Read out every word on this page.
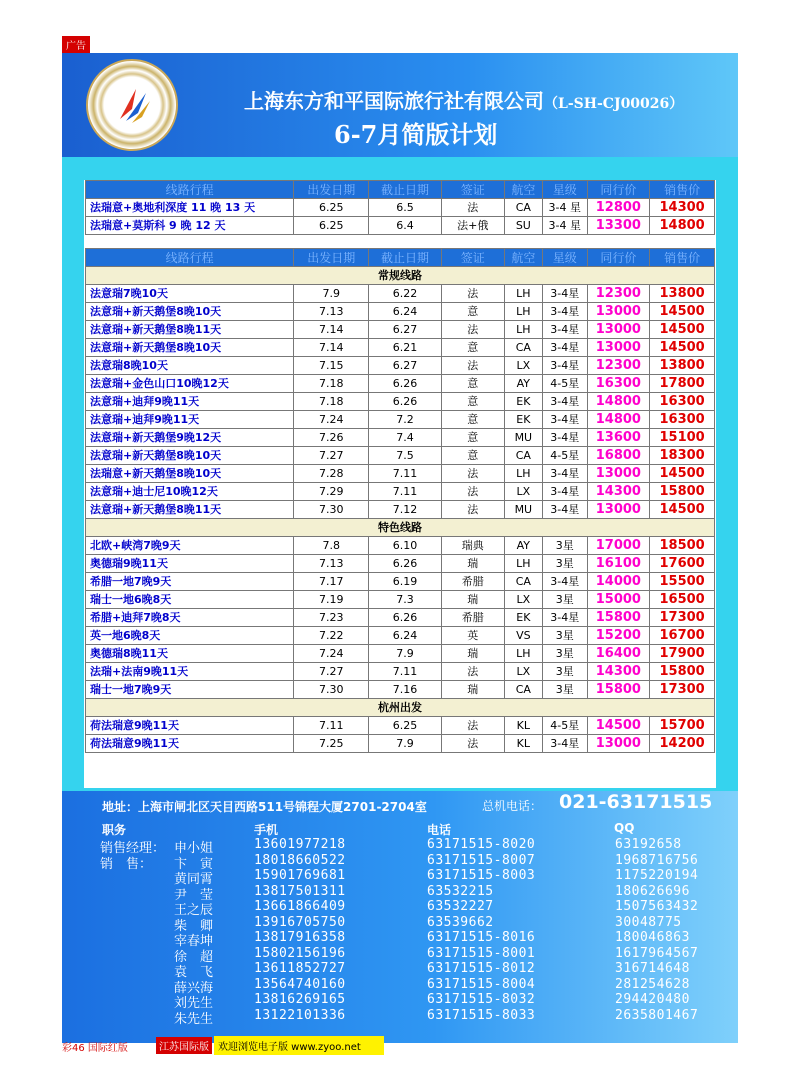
广告
上海东方和平国际旅行社有限公司（L-SH-CJ00026）
6-7月简版计划
线路行程	出发日期	截止日期	签证	航空	星级	同行价	销售价
法瑞意+奥地利深度 11 晚 13 天	6.25	6.5	法	CA	3-4 星	12800	14300
法瑞意+莫斯科 9 晚 12 天	6.25	6.4	法+俄	SU	3-4 星	13300	14800
线路行程	出发日期	截止日期	签证	航空	星级	同行价	销售价
常规线路							
法意瑞7晚10天	7.9	6.22	法	LH	3-4星	12300	13800
法意瑞+新天鹅堡8晚10天	7.13	6.24	意	LH	3-4星	13000	14500
法意瑞+新天鹅堡8晚11天	7.14	6.27	法	LH	3-4星	13000	14500
法意瑞+新天鹅堡8晚10天	7.14	6.21	意	CA	3-4星	13000	14500
法意瑞8晚10天	7.15	6.27	法	LX	3-4星	12300	13800
法意瑞+金色山口10晚12天	7.18	6.26	意	AY	4-5星	16300	17800
法意瑞+迪拜9晚11天	7.18	6.26	意	EK	3-4星	14800	16300
法意瑞+迪拜9晚11天	7.24	7.2	意	EK	3-4星	14800	16300
法意瑞+新天鹅堡9晚12天	7.26	7.4	意	MU	3-4星	13600	15100
法意瑞+新天鹅堡8晚10天	7.27	7.5	意	CA	4-5星	16800	18300
法瑞意+新天鹅堡8晚10天	7.28	7.11	法	LH	3-4星	13000	14500
法意瑞+迪士尼10晚12天	7.29	7.11	法	LX	3-4星	14300	15800
法意瑞+新天鹅堡8晚11天	7.30	7.12	法	MU	3-4星	13000	14500
特色线路							
北欧+峡湾7晚9天	7.8	6.10	瑞典	AY	3星	17000	18500
奥德瑞9晚11天	7.13	6.26	瑞	LH	3星	16100	17600
希腊一地7晚9天	7.17	6.19	希腊	CA	3-4星	14000	15500
瑞士一地6晚8天	7.19	7.3	瑞	LX	3星	15000	16500
希腊+迪拜7晚8天	7.23	6.26	希腊	EK	3-4星	15800	17300
英一地6晚8天	7.22	6.24	英	VS	3星	15200	16700
奥德瑞8晚11天	7.24	7.9	瑞	LH	3星	16400	17900
法瑞+法南9晚11天	7.27	7.11	法	LX	3星	14300	15800
瑞士一地7晚9天	7.30	7.16	瑞	CA	3星	15800	17300
杭州出发							
荷法瑞意9晚11天	7.11	6.25	法	KL	4-5星	14500	15700
荷法瑞意9晚11天	7.25	7.9	法	KL	3-4星	13000	14200
地址：上海市闸北区天目西路511号锦程大厦2701-2704室	总机电话： 021-63171515
职务	手机	电话	QQ
销售经理： 申小姐	13601977218	63171515-8020	63192658
销　售： 卞　寅	18018660522	63171515-8007	1968716756
黄同霄	15901769681	63171515-8003	1175220194
尹　莹	13817501311	63532215	180626696
王之辰	13661866409	63532227	1507563432
柴　卿	13916705750	63539662	30048775
宰春坤	13817916358	63171515-8016	180046863
徐　超	15802156196	63171515-8001	1617964567
袁　飞	13611852727	63171515-8012	316714648
薛兴海	13564740160	63171515-8004	281254628
刘先生	13816269165	63171515-8032	294420480
朱先生	13122101336	63171515-8033	2635801467
彩46 国际红版	江苏国际版 欢迎浏览电子版 www.zyoo.net
